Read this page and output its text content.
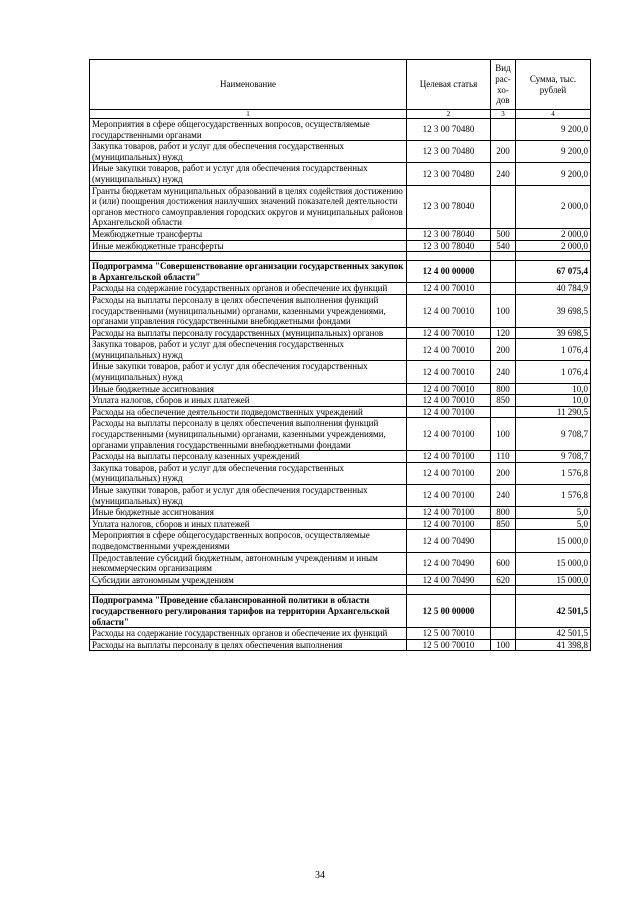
Наименование	Целевая статья	Вид
рас-
хо-
дов	Сумма, тыс. рублей
1	2	3	4
Мероприятия в сфере общегосударственных вопросов, осуществляемые государственными органами	12 3 00 70480		9 200,0
Закупка товаров, работ и услуг для обеспечения государственных (муниципальных) нужд	12 3 00 70480	200	9 200,0
Иные закупки товаров, работ и услуг для обеспечения государственных (муниципальных) нужд	12 3 00 70480	240	9 200,0
Гранты бюджетам муниципальных образований в целях содействия достижению и (или) поощрения достижения наилучших значений показателей деятельности органов местного самоуправления городских округов и муниципальных районов Архангельской области	12 3 00 78040		2 000,0
Межбюджетные трансферты	12 3 00 78040	500	2 000,0
Иные межбюджетные трансферты	12 3 00 78040	540	2 000,0

Подпрограмма "Совершенствование организации государственных закупок в Архангельской области"	12 4 00 00000		67 075,4
Расходы на содержание государственных органов и обеспечение их функций	12 4 00 70010		40 784,9
Расходы на выплаты персоналу в целях обеспечения выполнения функций государственными (муниципальными) органами, казенными учреждениями, органами управления государственными внебюджетными фондами	12 4 00 70010	100	39 698,5
Расходы на выплаты персоналу государственных (муниципальных) органов	12 4 00 70010	120	39 698,5
Закупка товаров, работ и услуг для обеспечения государственных (муниципальных) нужд	12 4 00 70010	200	1 076,4
Иные закупки товаров, работ и услуг для обеспечения государственных (муниципальных) нужд	12 4 00 70010	240	1 076,4
Иные бюджетные ассигнования	12 4 00 70010	800	10,0
Уплата налогов, сборов и иных платежей	12 4 00 70010	850	10,0
Расходы на обеспечение деятельности подведомственных учреждений	12 4 00 70100		11 290,5
Расходы на выплаты персоналу в целях обеспечения выполнения функций государственными (муниципальными) органами, казенными учреждениями, органами управления государственными внебюджетными фондами	12 4 00 70100	100	9 708,7
Расходы на выплаты персоналу казенных учреждений	12 4 00 70100	110	9 708,7
Закупка товаров, работ и услуг для обеспечения государственных (муниципальных) нужд	12 4 00 70100	200	1 576,8
Иные закупки товаров, работ и услуг для обеспечения государственных (муниципальных) нужд	12 4 00 70100	240	1 576,8
Иные бюджетные ассигнования	12 4 00 70100	800	5,0
Уплата налогов, сборов и иных платежей	12 4 00 70100	850	5,0
Мероприятия в сфере общегосударственных вопросов, осуществляемые подведомственными учреждениями	12 4 00 70490		15 000,0
Предоставление субсидий бюджетным, автономным учреждениям и иным некоммерческим организациям	12 4 00 70490	600	15 000,0
Субсидии автономным учреждениям	12 4 00 70490	620	15 000,0

Подпрограмма "Проведение сбалансированной политики в области государственного регулирования тарифов на территории Архангельской области"	12 5 00 00000		42 501,5
Расходы на содержание государственных органов и обеспечение их функций	12 5 00 70010		42 501,5
Расходы на выплаты персоналу в целях обеспечения выполнения	12 5 00 70010	100	41 398,8
34
